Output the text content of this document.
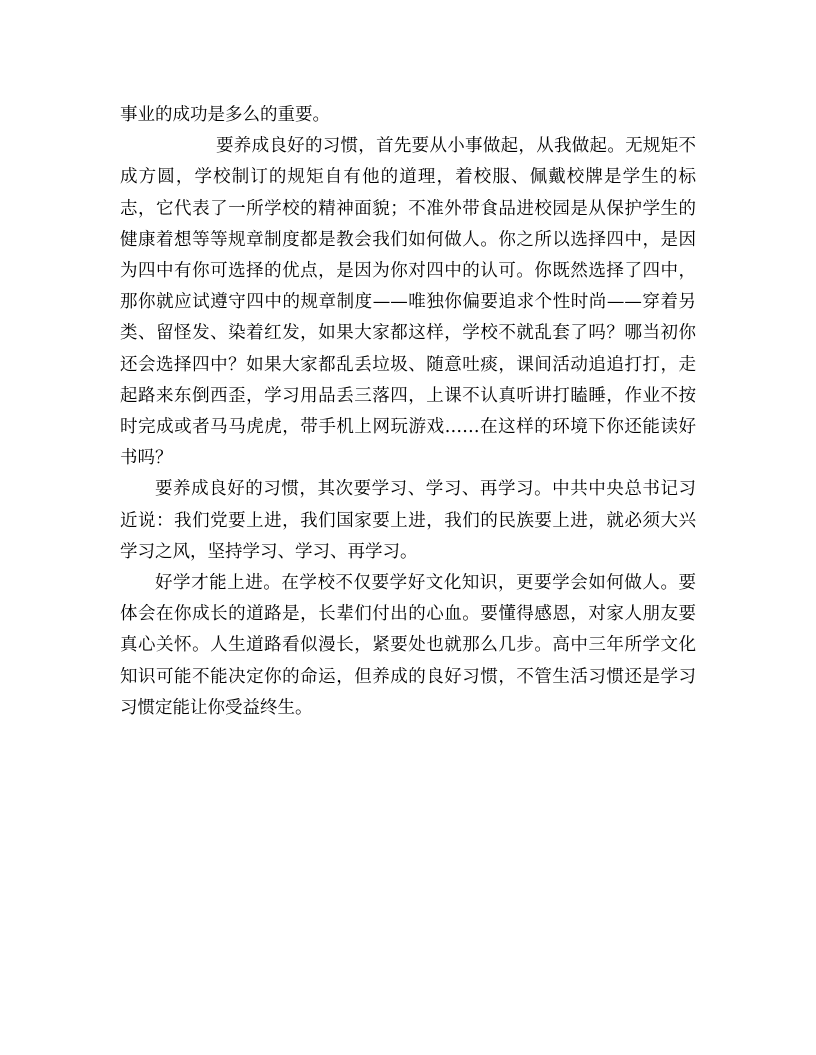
事业的成功是多么的重要。

要养成良好的习惯，首先要从小事做起，从我做起。无规矩不成方圆，学校制订的规矩自有他的道理，着校服、佩戴校牌是学生的标志，它代表了一所学校的精神面貌；不准外带食品进校园是从保护学生的健康着想等等规章制度都是教会我们如何做人。你之所以选择四中，是因为四中有你可选择的优点，是因为你对四中的认可。你既然选择了四中，那你就应试遵守四中的规章制度——唯独你偏要追求个性时尚——穿着另类、留怪发、染着红发，如果大家都这样，学校不就乱套了吗？哪当初你还会选择四中？如果大家都乱丢垃圾、随意吐痰，课间活动追追打打，走起路来东倒西歪，学习用品丢三落四，上课不认真听讲打瞌睡，作业不按时完成或者马马虎虎，带手机上网玩游戏……在这样的环境下你还能读好书吗？

要养成良好的习惯，其次要学习、学习、再学习。中共中央总书记习近说：我们党要上进，我们国家要上进，我们的民族要上进，就必须大兴学习之风，坚持学习、学习、再学习。

好学才能上进。在学校不仅要学好文化知识，更要学会如何做人。要体会在你成长的道路是，长辈们付出的心血。要懂得感恩，对家人朋友要真心关怀。人生道路看似漫长，紧要处也就那么几步。高中三年所学文化知识可能不能决定你的命运，但养成的良好习惯，不管生活习惯还是学习习惯定能让你受益终生。
